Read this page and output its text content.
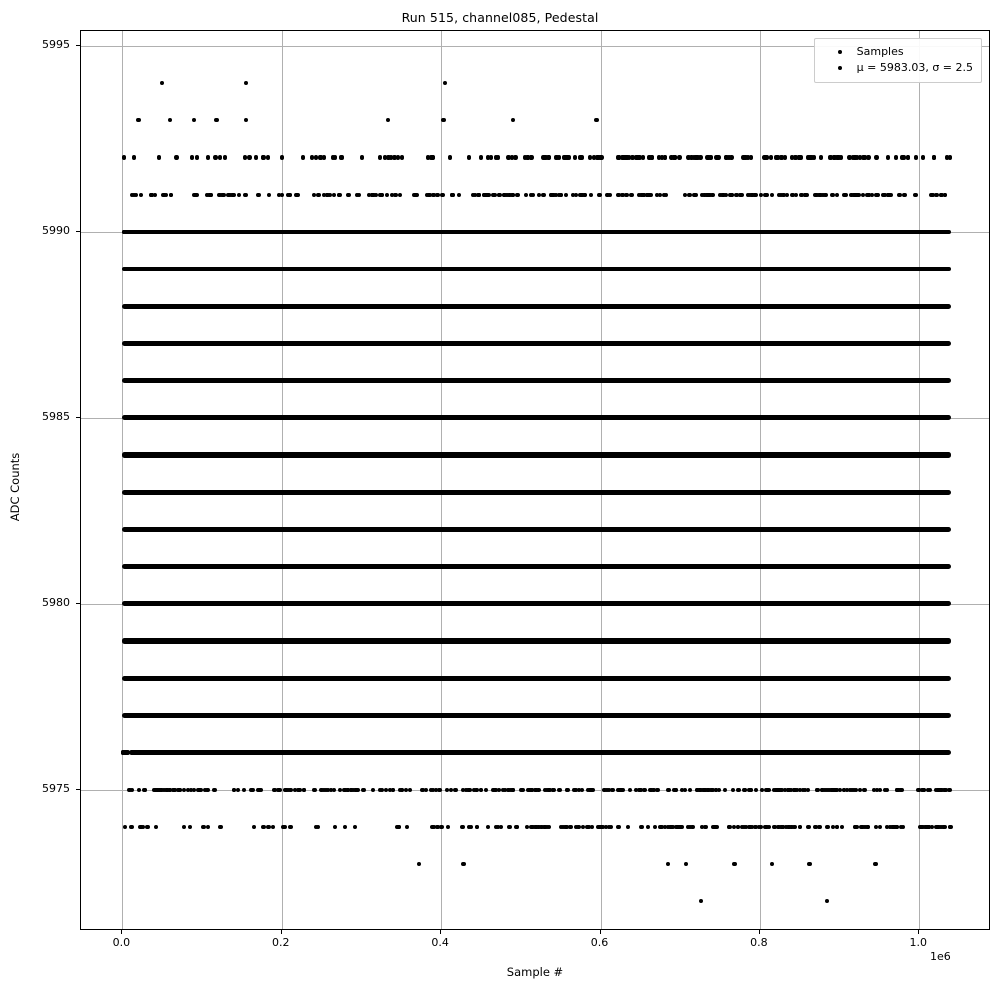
Run 515, channel085, Pedestal
Samples
μ = 5983.03, σ = 2.5
0.0	0.2	0.4	0.6	0.8	1.0
5975
5980
5985
5990
5995
Sample #
ADC Counts
1e6
